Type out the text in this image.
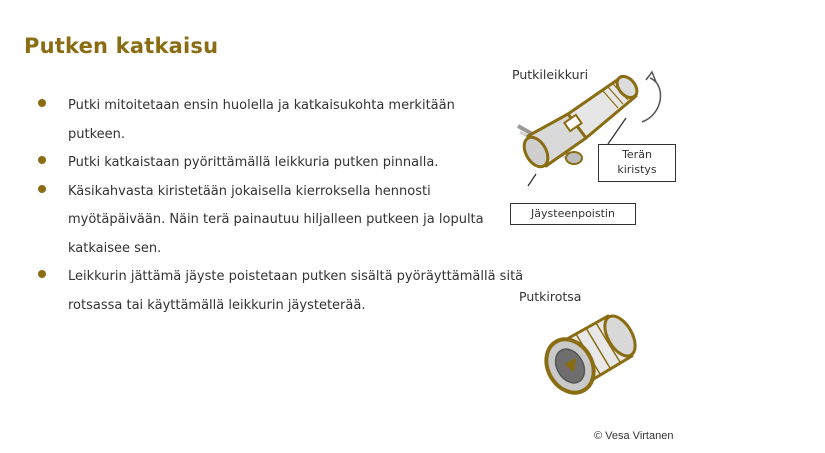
Putken katkaisu
Putki mitoitetaan ensin huolella ja katkaisukohta merkitään putkeen.
Putki katkaistaan pyörittämällä leikkuria putken pinnalla.
Käsikahvasta kiristetään jokaisella kierroksella hennosti myötäpäivään. Näin terä painautuu hiljalleen putkeen ja lopulta katkaisee sen.
Leikkurin jättämä jäyste poistetaan putken sisältä pyöräyttämällä sitä rotsassa tai käyttämällä leikkurin jäysteterää.
Putkileikkuri
Terän
kiristys
Jäysteenpoistin
Putkirotsa
© Vesa Virtanen
